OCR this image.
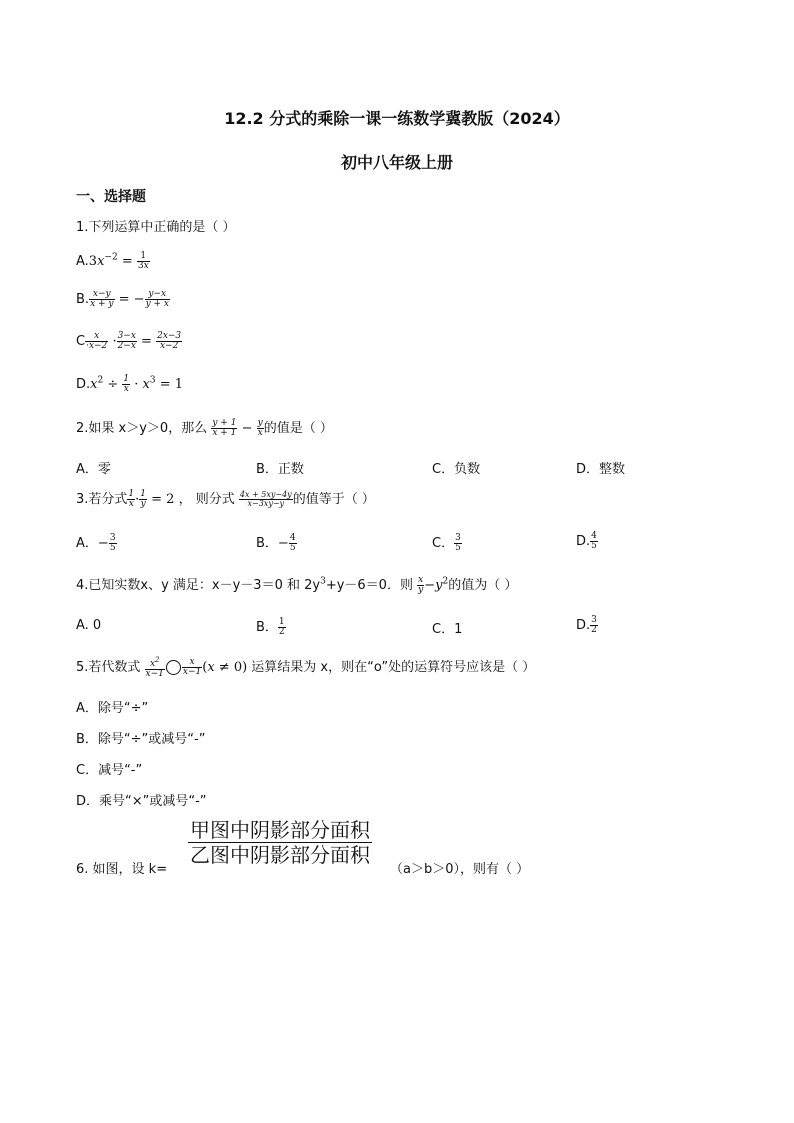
12.2 分式的乘除一课一练数学冀教版（2024）
初中八年级上册
一、选择题
1.下列运算中正确的是（ ）
$A.3x^{-2} = \frac{1}{3x}$
B. $\frac{x-y}{x + y}$ = − $\frac{y-x}{y + x}$
C $\frac{x}{\cdot x-2} \cdot \frac{3-x}{2-x} = \frac{2x-3}{x-2}$
$D.x^2 \div \frac{1}{x} \cdot x^3 = 1$
2.如果 x＞y＞0，那么 $\frac{y + 1}{x + 1} - \frac{y}{x}$ 的值是（ ）
A．零	B．正数	C．负数	D．整数
3.若分式 $\frac{1}{x} \cdot \frac{1}{y} = 2$ ， 则分式 $\frac{4x + 5xy-4y}{x-3xy-y}$ 的值等于（ ）
A．− $\frac{3}{5}$	B．− $\frac{4}{5}$	C． $\frac{3}{5}$	D. $\frac{4}{5}$
4.已知实数x、y 满足：x－y－3＝0 和 $2y^3+y-6=0$．则 $\frac{x}{y} -y^2$的值为（ ）
A. 0	B． $\frac{1}{2}$	C．1	D. $\frac{3}{2}$
5.若代数式 $\frac{x^2}{x-1} \frac{x}{x-1} (x \ne 0)$ 运算结果为 x，则在“o”处的运算符号应该是（ ）
A．除号“÷”
B．除号“÷”或减号“-”
C．减号“-”
D．乘号“×”或减号“-”
6. 如图，设 k=
甲图中阴影部分面积
乙图中阴影部分面积
（a＞b＞0），则有（ ）
